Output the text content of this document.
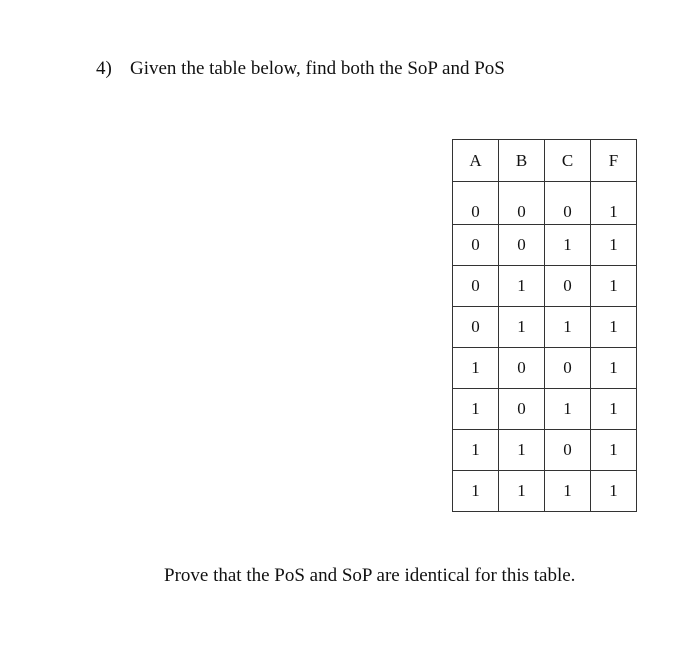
4) Given the table below, find both the SoP and PoS
A	B	C	F
0	0	0	1
0	0	1	1
0	1	0	1
0	1	1	1
1	0	0	1
1	0	1	1
1	1	0	1
1	1	1	1
Prove that the PoS and SoP are identical for this table.
